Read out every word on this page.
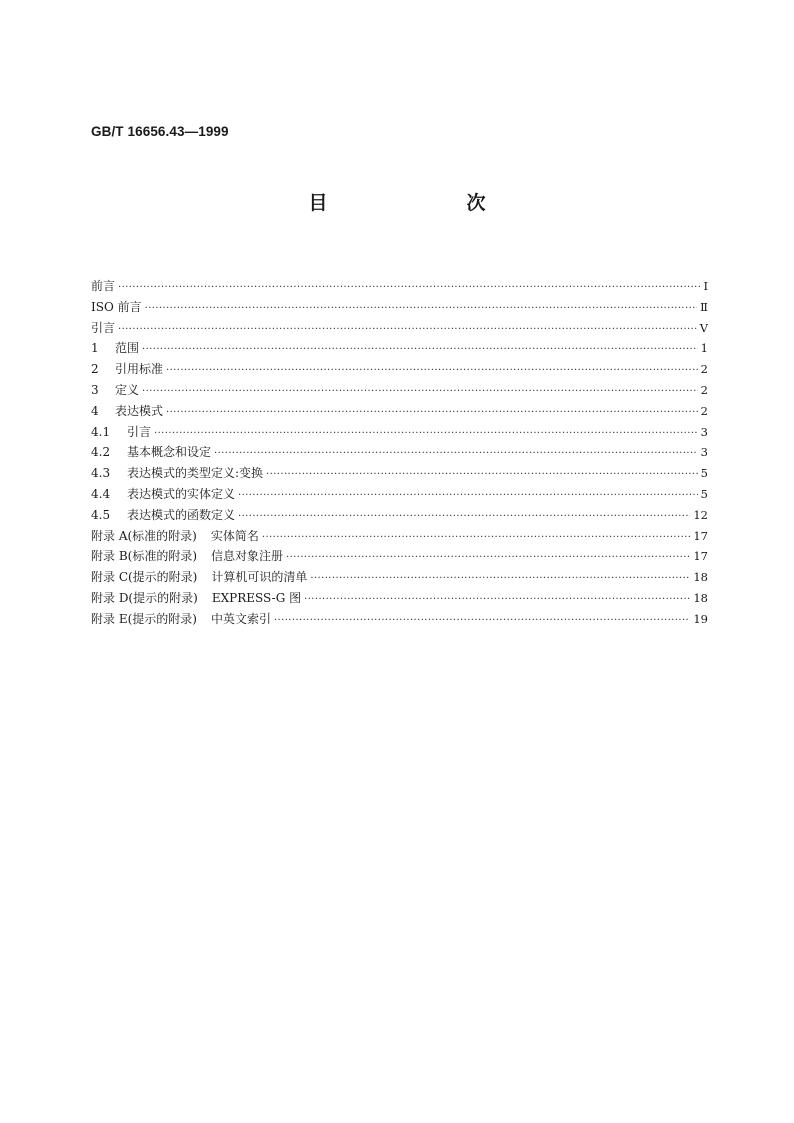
GB/T 16656.43—1999
目　次
前言 ·····	Ⅰ
ISO 前言 ·····	Ⅱ
引言 ·····	Ⅴ
1 范围 ·····	1
2 引用标准 ·····	2
3 定义 ·····	2
4 表达模式 ·····	2
4.1 引言 ·····	3
4.2 基本概念和设定 ·····	3
4.3 表达模式的类型定义:变换 ·····	5
4.4 表达模式的实体定义 ·····	5
4.5 表达模式的函数定义 ·····	12
附录 A(标准的附录) 实体简名 ·····	17
附录 B(标准的附录) 信息对象注册 ·····	17
附录 C(提示的附录) 计算机可识的清单 ·····	18
附录 D(提示的附录) EXPRESS-G 图 ·····	18
附录 E(提示的附录) 中英文索引 ·····	19
